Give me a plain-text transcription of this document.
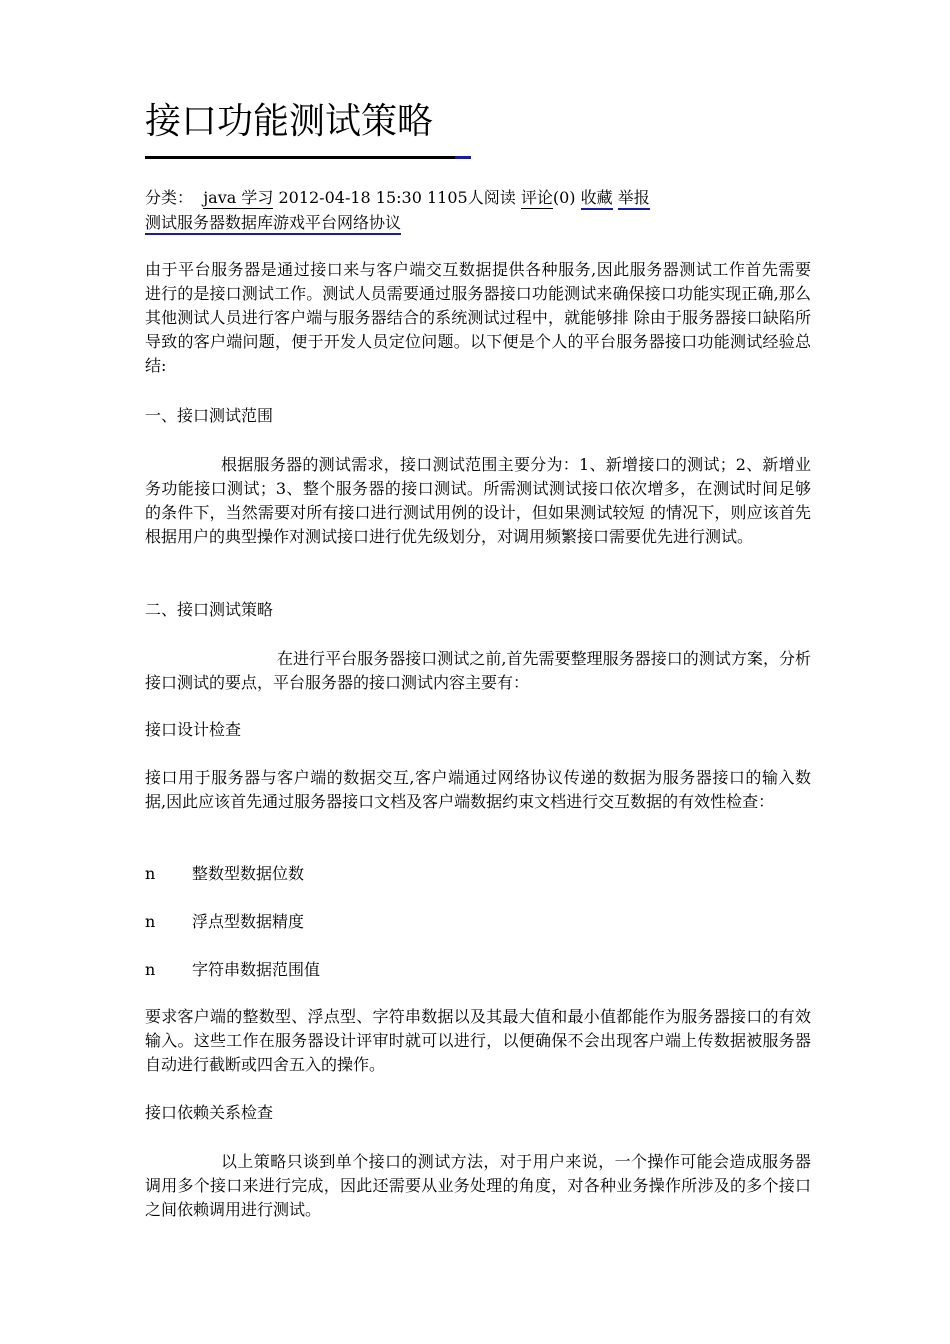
接口功能测试策略
分类： java 学习 2012-04-18 15:30 1105人阅读 评论(0) 收藏 举报
测试服务器数据库游戏平台网络协议

由于平台服务器是通过接口来与客户端交互数据提供各种服务,因此服务器测试工作首先需要 进行的是接口测试工作。测试人员需要通过服务器接口功能测试来确保接口功能实现正确,那么其他测试人员进行客户端与服务器结合的系统测试过程中，就能够排 除由于服务器接口缺陷所导致的客户端问题，便于开发人员定位问题。以下便是个人的平台服务器接口功能测试经验总结:

一、接口测试范围

根据服务器的测试需求，接口测试范围主要分为：1、新增接口的测试；2、新增业 务功能接口测试；3、整个服务器的接口测试。所需测试测试接口依次增多，在测试时间足够的条件下，当然需要对所有接口进行测试用例的设计，但如果测试较短 的情况下，则应该首先根据用户的典型操作对测试接口进行优先级划分，对调用频繁接口需要优先进行测试。

二、接口测试策略

在进行平台服务器接口测试之前,首先需要整理服务器接口的测试方案，分析接口测试的要点，平台服务器的接口测试内容主要有：

接口设计检查

接口用于服务器与客户端的数据交互,客户端通过网络协议传递的数据为服务器接口的输入数据,因此应该首先通过服务器接口文档及客户端数据约束文档进行交互数据的有效性检查：

n 整数型数据位数
n 浮点型数据精度
n 字符串数据范围值

要求客户端的整数型、浮点型、字符串数据以及其最大值和最小值都能作为服务器接口的有效输入。这些工作在服务器设计评审时就可以进行，以便确保不会出现客户端上传数据被服务器自动进行截断或四舍五入的操作。

接口依赖关系检查

以上策略只谈到单个接口的测试方法，对于用户来说，一个操作可能会造成服务器调用多个接口来进行完成，因此还需要从业务处理的角度，对各种业务操作所涉及的多个接口之间依赖调用进行测试。
